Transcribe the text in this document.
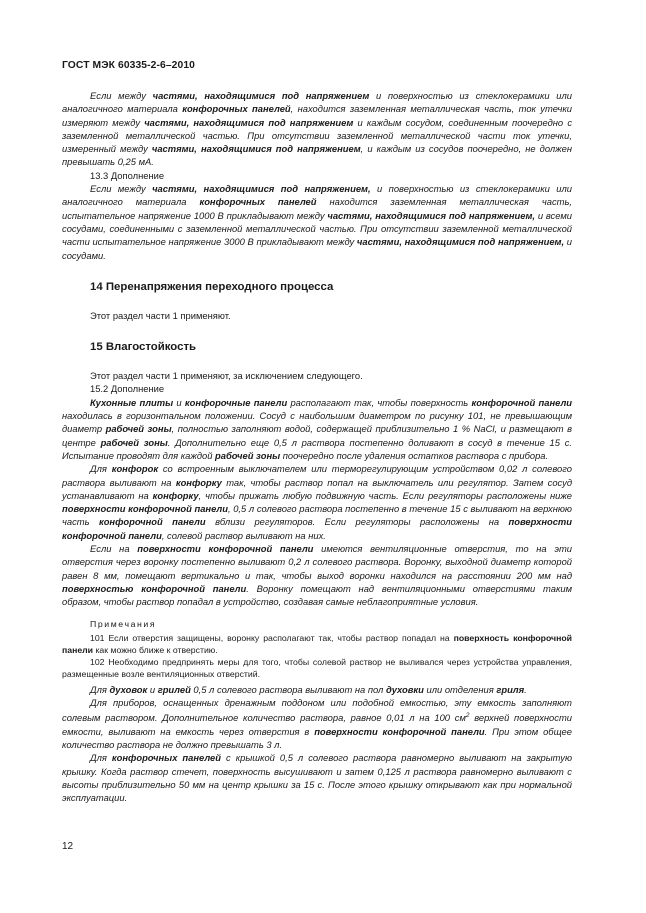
ГОСТ МЭК 60335-2-6–2010

Если между частями, находящимися под напряжением и поверхностью из стеклокерамики или аналогичного материала конфорочных панелей, находится заземленная металлическая часть, ток утечки измеряют между частями, находящимися под напряжением и каждым сосудом, соединенным поочередно с заземленной металлической частью. При отсутствии заземленной металлической части ток утечки, измеренный между частями, находящимися под напряжением, и каждым из сосудов поочередно, не должен превышать 0,25 мА.

13.3 Дополнение

Если между частями, находящимися под напряжением, и поверхностью из стеклокерамики или аналогичного материала конфорочных панелей находится заземленная металлическая часть, испытательное напряжение 1000 В прикладывают между частями, находящимися под напряжением, и всеми сосудами, соединенными с заземленной металлической частью. При отсутствии заземленной металлической части испытательное напряжение 3000 В прикладывают между частями, находящимися под напряжением, и сосудами.

14 Перенапряжения переходного процесса

Этот раздел части 1 применяют.

15 Влагостойкость

Этот раздел части 1 применяют, за исключением следующего.

15.2 Дополнение

Кухонные плиты и конфорочные панели располагают так, чтобы поверхность конфорочной панели находилась в горизонтальном положении. Сосуд с наибольшим диаметром по рисунку 101, не превышающим диаметр рабочей зоны, полностью заполняют водой, содержащей приблизительно 1 % NaCl, и размещают в центре рабочей зоны. Дополнительно еще 0,5 л раствора постепенно доливают в сосуд в течение 15 с. Испытание проводят для каждой рабочей зоны поочередно после удаления остатков раствора с прибора.

Для конфорок со встроенным выключателем или терморегулирующим устройством 0,02 л солевого раствора выливают на конфорку так, чтобы раствор попал на выключатель или регулятор. Затем сосуд устанавливают на конфорку, чтобы прижать любую подвижную часть. Если регуляторы расположены ниже поверхности конфорочной панели, 0,5 л солевого раствора постепенно в течение 15 с выливают на верхнюю часть конфорочной панели вблизи регуляторов. Если регуляторы расположены на поверхности конфорочной панели, солевой раствор выливают на них.

Если на поверхности конфорочной панели имеются вентиляционные отверстия, то на эти отверстия через воронку постепенно выливают 0,2 л солевого раствора. Воронку, выходной диаметр которой равен 8 мм, помещают вертикально и так, чтобы выход воронки находился на расстоянии 200 мм над поверхностью конфорочной панели. Воронку помещают над вентиляционными отверстиями таким образом, чтобы раствор попадал в устройство, создавая самые неблагоприятные условия.

Примечания

101 Если отверстия защищены, воронку располагают так, чтобы раствор попадал на поверхность конфорочной панели как можно ближе к отверстию.

102 Необходимо предпринять меры для того, чтобы солевой раствор не выливался через устройства управления, размещенные возле вентиляционных отверстий.

Для духовок и грилей 0,5 л солевого раствора выливают на пол духовки или отделения гриля.

Для приборов, оснащенных дренажным поддоном или подобной емкостью, эту емкость заполняют солевым раствором. Дополнительное количество раствора, равное 0,01 л на 100 $см^2$ верхней поверхности емкости, выливают на емкость через отверстия в поверхности конфорочной панели. При этом общее количество раствора не должно превышать 3 л.

Для конфорочных панелей с крышкой 0,5 л солевого раствора равномерно выливают на закрытую крышку. Когда раствор стечет, поверхность высушивают и затем 0,125 л раствора равномерно выливают с высоты приблизительно 50 мм на центр крышки за 15 с. После этого крышку открывают как при нормальной эксплуатации.

12
